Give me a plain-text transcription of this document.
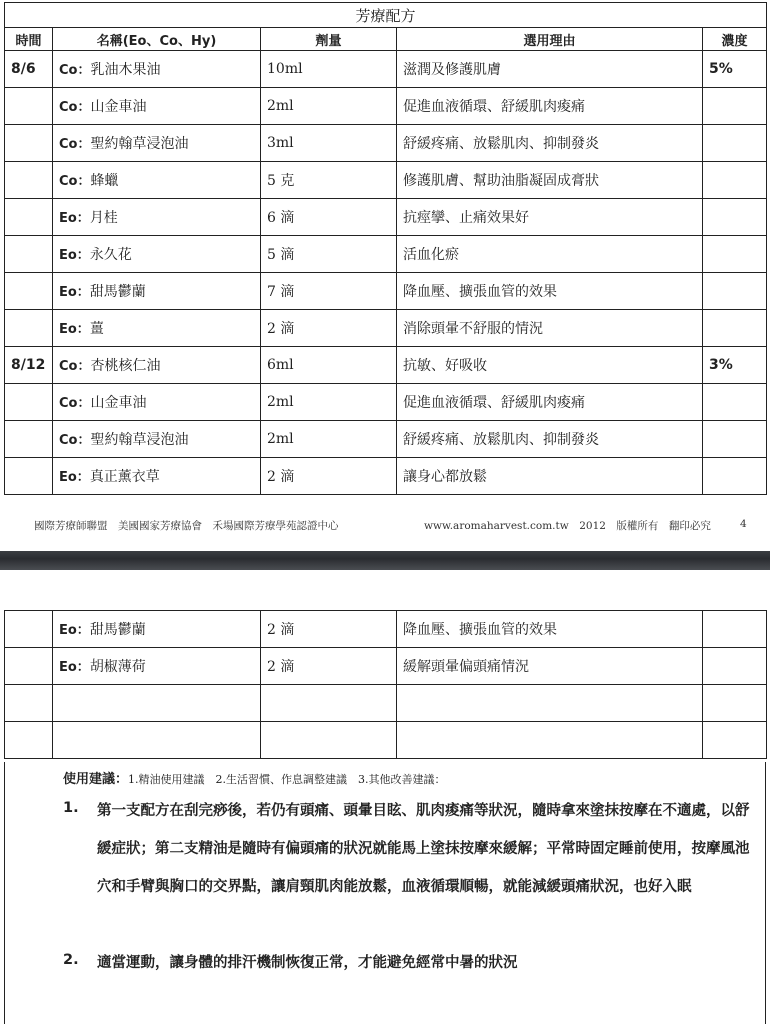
芳療配方				
時間	名稱(Eo、Co、Hy)	劑量	選用理由	濃度
8/6	Co：乳油木果油	10ml	滋潤及修護肌膚	5%
	Co：山金車油	2ml	促進血液循環、舒緩肌肉痠痛	
	Co：聖約翰草浸泡油	3ml	舒緩疼痛、放鬆肌肉、抑制發炎	
	Co：蜂蠟	5 克	修護肌膚、幫助油脂凝固成膏狀	
	Eo：月桂	6 滴	抗痙攣、止痛效果好	
	Eo：永久花	5 滴	活血化瘀	
	Eo：甜馬鬱蘭	7 滴	降血壓、擴張血管的效果	
	Eo：薑	2 滴	消除頭暈不舒服的情況	
8/12	Co：杏桃核仁油	6ml	抗敏、好吸收	3%
	Co：山金車油	2ml	促進血液循環、舒緩肌肉痠痛	
	Co：聖約翰草浸泡油	2ml	舒緩疼痛、放鬆肌肉、抑制發炎	
	Eo：真正薰衣草	2 滴	讓身心都放鬆	
國際芳療師聯盟　美國國家芳療協會　禾場國際芳療學苑認證中心	www.aromaharvest.com.tw　2012　版權所有　翻印必究	4
	Eo：甜馬鬱蘭	2 滴	降血壓、擴張血管的效果	
	Eo：胡椒薄荷	2 滴	緩解頭暈偏頭痛情況	

使用建議：1.精油使用建議　2.生活習慣、作息調整建議　3.其他改善建議：
1. 第一支配方在刮完痧後，若仍有頭痛、頭暈目眩、肌肉痠痛等狀況，隨時拿來塗抹按摩在不適處，以舒緩症狀；第二支精油是隨時有偏頭痛的狀況就能馬上塗抹按摩來緩解；平常時固定睡前使用，按摩風池穴和手臂與胸口的交界點，讓肩頸肌肉能放鬆，血液循環順暢，就能減緩頭痛狀況，也好入眠
2. 適當運動，讓身體的排汗機制恢復正常，才能避免經常中暑的狀況
